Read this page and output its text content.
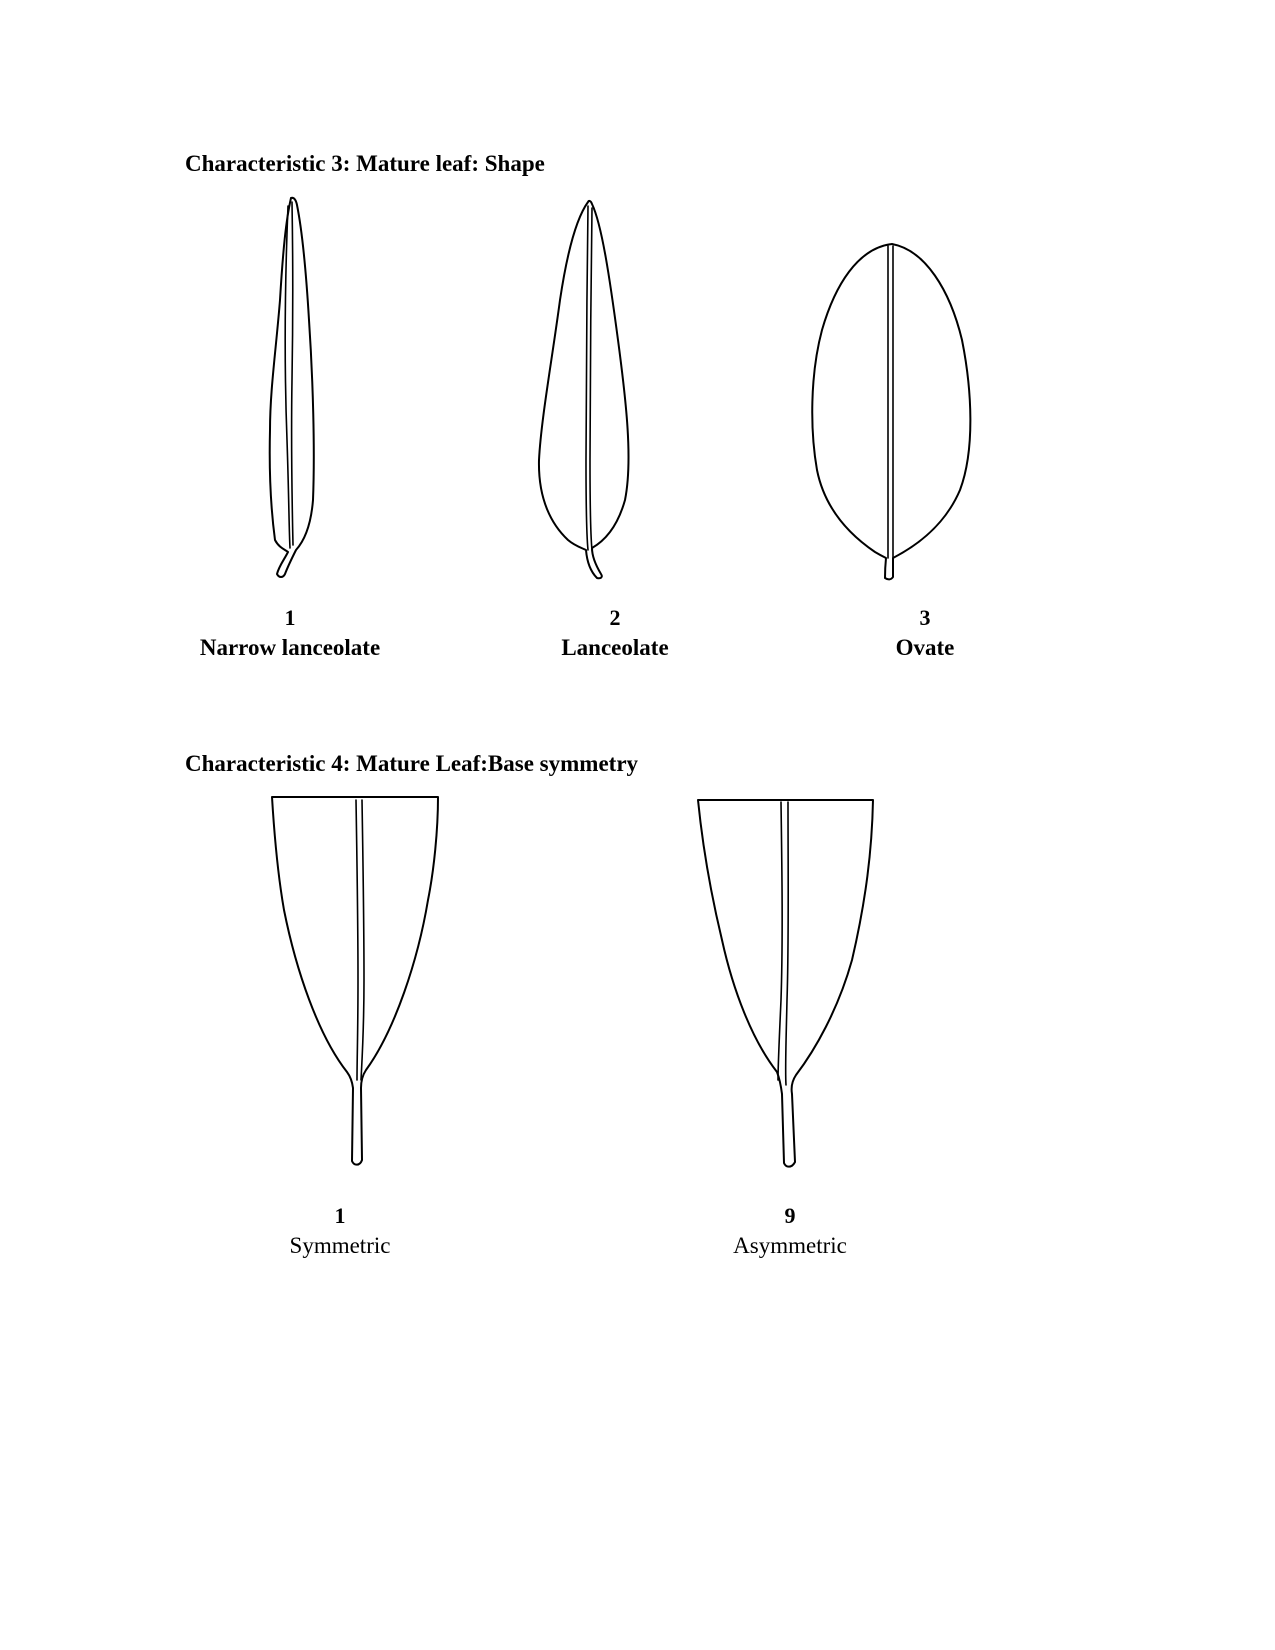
Characteristic 3: Mature leaf: Shape
1
Narrow lanceolate
2
Lanceolate
3
Ovate
Characteristic 4: Mature Leaf:Base symmetry
1
Symmetric
9
Asymmetric
